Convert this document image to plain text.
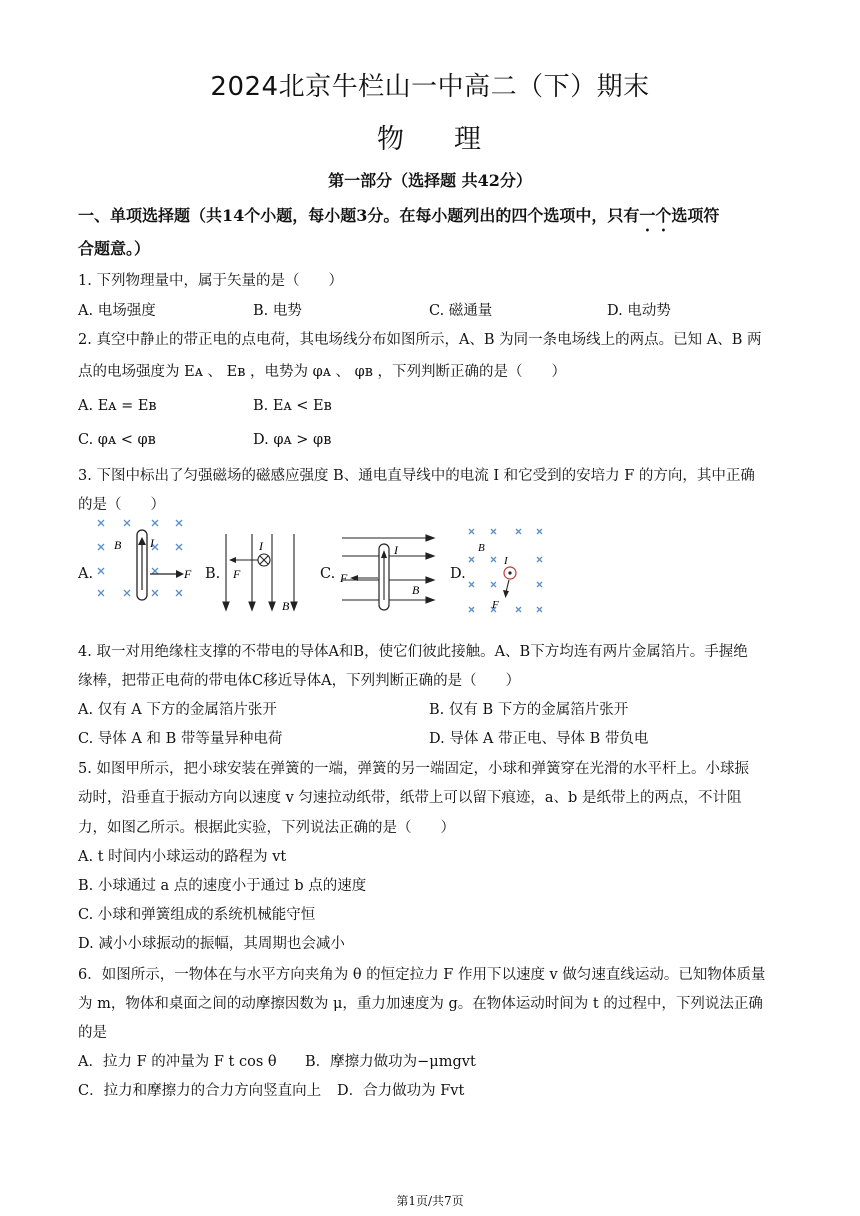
2024北京牛栏山一中高二（下）期末
物 理
第一部分（选择题 共42分）
一、单项选择题（共14个小题，每小题3分。在每小题列出的四个选项中，只有一个选项符
合题意。）
1. 下列物理量中，属于矢量的是（　　）
A. 电场强度	B. 电势	C. 磁通量	D. 电动势
2. 真空中静止的带正电的点电荷，其电场线分布如图所示，A、B 为同一条电场线上的两点。已知 A、B 两
点的电场强度为 Eᴀ 、 Eʙ ，电势为 φᴀ 、 φʙ ，下列判断正确的是（　　）
A. Eᴀ = Eʙ	B. Eᴀ < Eʙ
C. φᴀ < φʙ	D. φᴀ > φʙ
3. 下图中标出了匀强磁场的磁感应强度 B、通电直导线中的电流 I 和它受到的安培力 F 的方向，其中正确
的是（　　）
A.
B I
F B.
I
F
B
C.
I
F
B
D.
B
I
F
4. 取一对用绝缘柱支撑的不带电的导体A和B，使它们彼此接触。A、B下方均连有两片金属箔片。手握绝
缘棒，把带正电荷的带电体C移近导体A，下列判断正确的是（　　）
A. 仅有 A 下方的金属箔片张开	B. 仅有 B 下方的金属箔片张开
C. 导体 A 和 B 带等量异种电荷	D. 导体 A 带正电、导体 B 带负电
5. 如图甲所示，把小球安装在弹簧的一端，弹簧的另一端固定，小球和弹簧穿在光滑的水平杆上。小球振
动时，沿垂直于振动方向以速度 v 匀速拉动纸带，纸带上可以留下痕迹，a、b 是纸带上的两点，不计阻
力，如图乙所示。根据此实验，下列说法正确的是（　　）
A. t 时间内小球运动的路程为 vt
B. 小球通过 a 点的速度小于通过 b 点的速度
C. 小球和弹簧组成的系统机械能守恒
D. 减小小球振动的振幅，其周期也会减小
6．如图所示，一物体在与水平方向夹角为 θ 的恒定拉力 F 作用下以速度 v 做匀速直线运动。已知物体质量
为 m，物体和桌面之间的动摩擦因数为 μ，重力加速度为 g。在物体运动时间为 t 的过程中，下列说法正确
的是
A．拉力 F 的冲量为 F t cos θ B．摩擦力做功为−μmgvt
C．拉力和摩擦力的合力方向竖直向上 D．合力做功为 Fvt
第1页/共7页
